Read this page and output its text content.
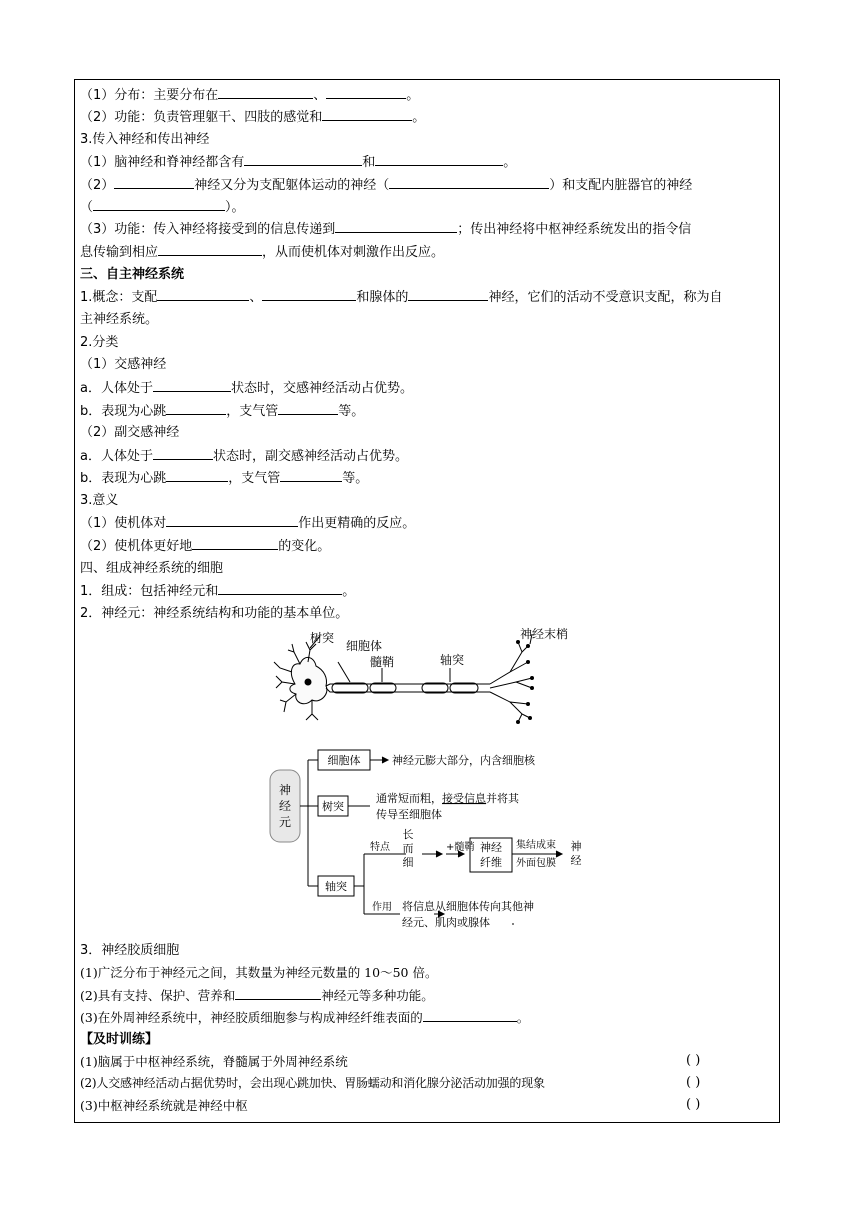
（1）分布：主要分布在	、	。
（2）功能：负责管理躯干、四肢的感觉和	。
3.传入神经和传出神经
（1）脑神经和脊神经都含有	和	。
（2）	神经又分为支配躯体运动的神经（	）和支配内脏器官的神经
（	）。
（3）功能：传入神经将接受到的信息传递到	；传出神经将中枢神经系统发出的指令信
息传输到相应	，从而使机体对刺激作出反应。
三、自主神经系统
1.概念：支配	、	和腺体的	神经，它们的活动不受意识支配，称为自
主神经系统。
2.分类
（1）交感神经
a．人体处于	状态时，交感神经活动占优势。
b．表现为心跳	，支气管	等。
（2）副交感神经
a．人体处于	状态时，副交感神经活动占优势。
b．表现为心跳	，支气管	等。
3.意义
（1）使机体对	作出更精确的反应。
（2）使机体更好地	的变化。
四、组成神经系统的细胞
1．组成：包括神经元和	。
2．神经元：神经系统结构和功能的基本单位。
树突
细胞体
髓鞘	轴突
神经末梢
神
经
元
细胞体	神经元膨大部分，内含细胞核
树突
通常短而粗，接受信息并将其
传导至细胞体
轴突
特点
长
而
细
+髓鞘 神经
纤维
集结成束
外面包膜
神
经
作用 将信息从细胞体传向其他神
经元、肌肉或腺体
3．神经胶质细胞
(1)广泛分布于神经元之间，其数量为神经元数量的 10～50 倍。
(2)具有支持、保护、营养和	神经元等多种功能。
(3)在外周神经系统中，神经胶质细胞参与构成神经纤维表面的	。
【及时训练】
(1)脑属于中枢神经系统，脊髓属于外周神经系统	( )
(2)人交感神经活动占据优势时，会出现心跳加快、胃肠蠕动和消化腺分泌活动加强的现象	( )
(3)中枢神经系统就是神经中枢	( )
